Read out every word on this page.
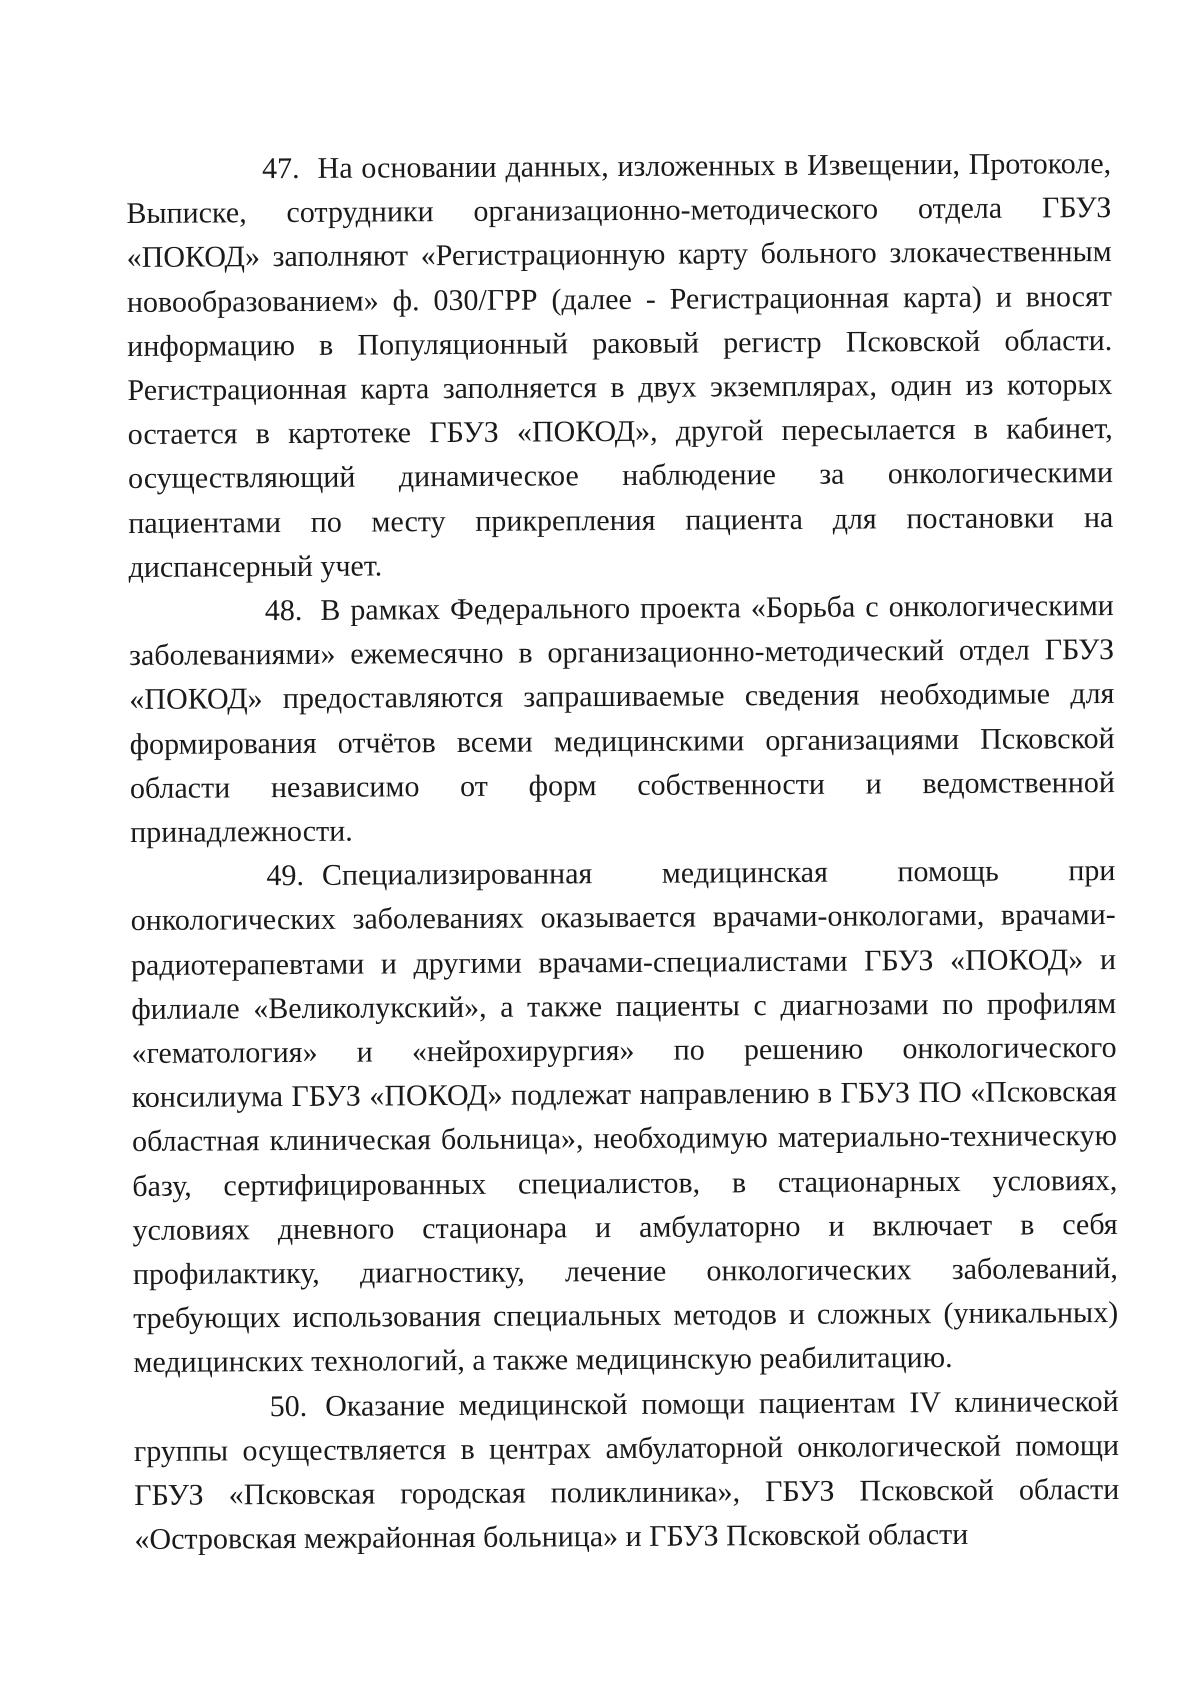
47. На основании данных, изложенных в Извещении, Протоколе, Выписке, сотрудники организационно-методического отдела ГБУЗ «ПОКОД» заполняют «Регистрационную карту больного злокачественным новообразованием» ф. 030/ГРР (далее - Регистрационная карта) и вносят информацию в Популяционный раковый регистр Псковской области. Регистрационная карта заполняется в двух экземплярах, один из которых остается в картотеке ГБУЗ «ПОКОД», другой пересылается в кабинет, осуществляющий динамическое наблюдение за онкологическими пациентами по месту прикрепления пациента для постановки на диспансерный учет.

48. В рамках Федерального проекта «Борьба с онкологическими заболеваниями» ежемесячно в организационно-методический отдел ГБУЗ «ПОКОД» предоставляются запрашиваемые сведения необходимые для формирования отчётов всеми медицинскими организациями Псковской области независимо от форм собственности и ведомственной принадлежности.

49. Специализированная медицинская помощь при онкологических заболеваниях оказывается врачами-онкологами, врачами-радиотерапевтами и другими врачами-специалистами ГБУЗ «ПОКОД» и филиале «Великолукский», а также пациенты с диагнозами по профилям «гематология» и «нейрохирургия» по решению онкологического консилиума ГБУЗ «ПОКОД» подлежат направлению в ГБУЗ ПО «Псковская областная клиническая больница», необходимую материально-техническую базу, сертифицированных специалистов, в стационарных условиях, условиях дневного стационара и амбулаторно и включает в себя профилактику, диагностику, лечение онкологических заболеваний, требующих использования специальных методов и сложных (уникальных) медицинских технологий, а также медицинскую реабилитацию.

50. Оказание медицинской помощи пациентам IV клинической группы осуществляется в центрах амбулаторной онкологической помощи ГБУЗ «Псковская городская поликлиника», ГБУЗ Псковской области «Островская межрайонная больница» и ГБУЗ Псковской области
